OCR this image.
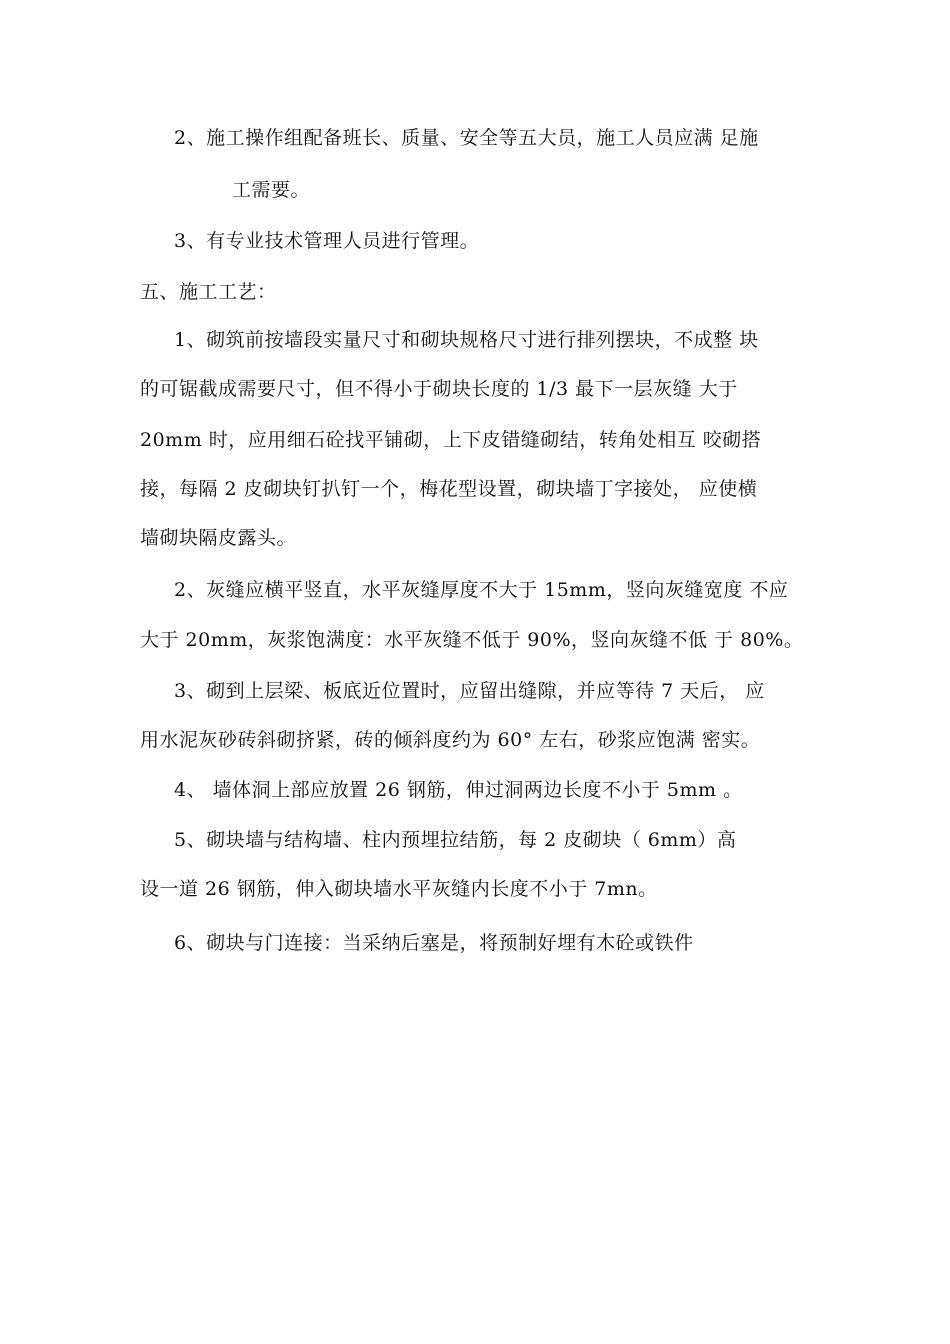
2、施工操作组配备班长、质量、安全等五大员，施工人员应满 足施
工需要。
3、有专业技术管理人员进行管理。
五、施工工艺：
1、砌筑前按墙段实量尺寸和砌块规格尺寸进行排列摆块，不成整 块
的可锯截成需要尺寸，但不得小于砌块长度的 1/3 最下一层灰缝 大于
20mm 时，应用细石砼找平铺砌，上下皮错缝砌结，转角处相互 咬砌搭
接，每隔 2 皮砌块钉扒钉一个，梅花型设置，砌块墙丁字接处， 应使横
墙砌块隔皮露头。
2、灰缝应横平竖直，水平灰缝厚度不大于 15mm，竖向灰缝宽度 不应
大于 20mm，灰浆饱满度：水平灰缝不低于 90%，竖向灰缝不低 于 80%。
3、砌到上层梁、板底近位置时，应留出缝隙，并应等待 7 天后， 应
用水泥灰砂砖斜砌挤紧，砖的倾斜度约为 60° 左右，砂浆应饱满 密实。
4、 墙体洞上部应放置 26 钢筋，伸过洞两边长度不小于 5mm 。
5、砌块墙与结构墙、柱内预埋拉结筋，每 2 皮砌块（ 6mm）高
设一道 26 钢筋，伸入砌块墙水平灰缝内长度不小于 7mn。
6、砌块与门连接：当采纳后塞是，将预制好埋有木砼或铁件
